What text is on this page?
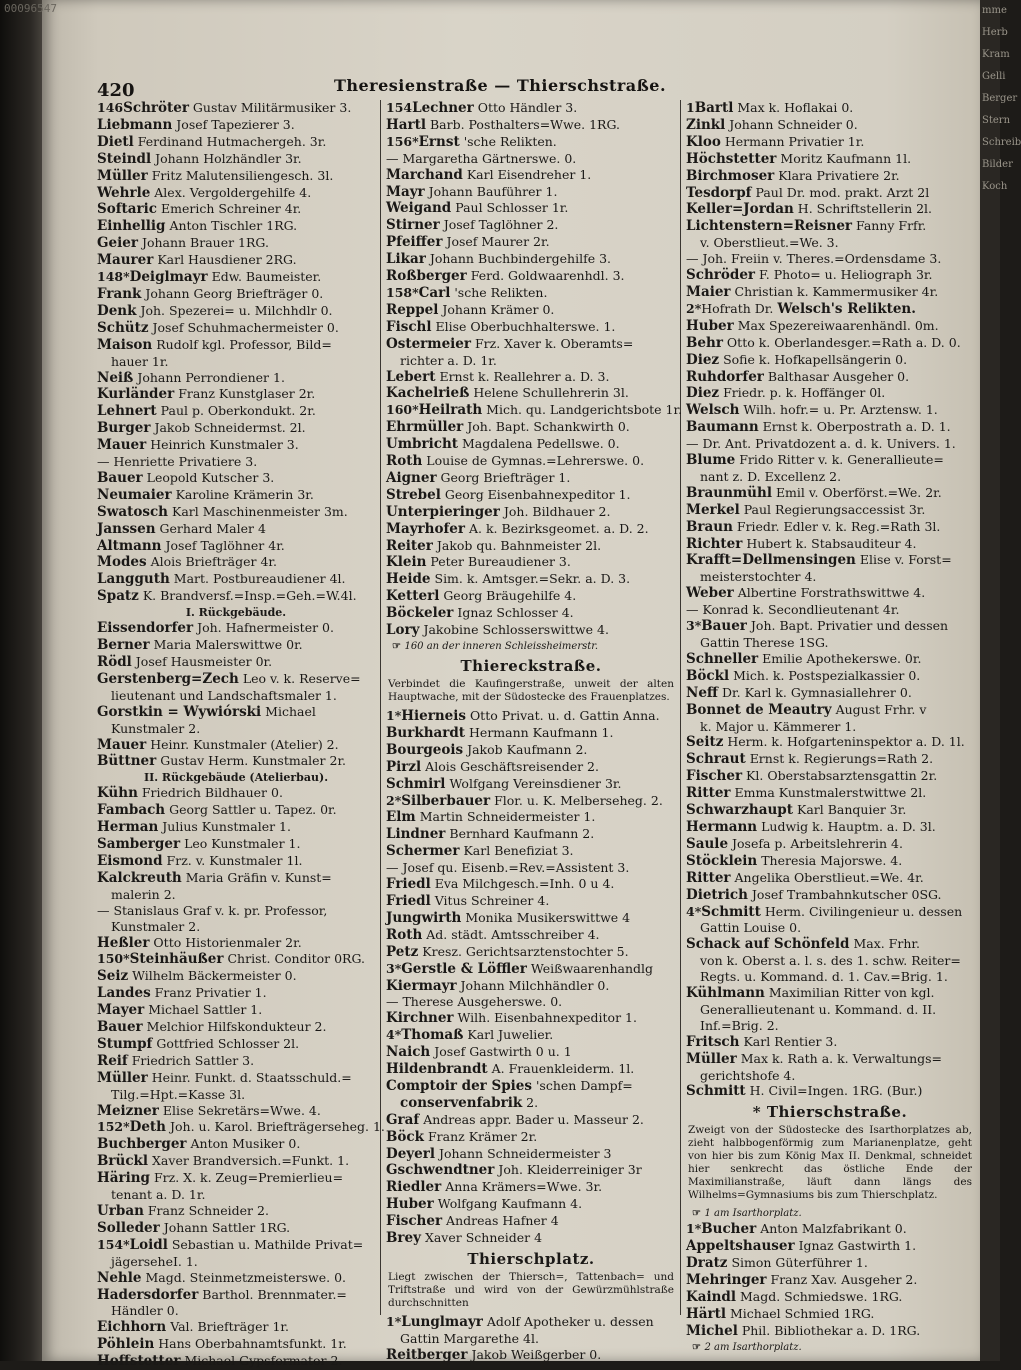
00096547	mme
Herb
Kram
Gelli
Berger
Stern
Schreib
Bilder
Koch
420	Theresienstraße — Thierschstraße.
146Schröter Gustav Militärmusiker 3.
Liebmann Josef Tapezierer 3.
Dietl Ferdinand Hutmachergeh. 3r.
Steindl Johann Holzhändler 3r.
Müller Fritz Malutensiliengesch. 3l.
Wehrle Alex. Vergoldergehilfe 4.
Softaric Emerich Schreiner 4r.
Einhellig Anton Tischler 1RG.
Geier Johann Brauer 1RG.
Maurer Karl Hausdiener 2RG.
148*Deiglmayr Edw. Baumeister.
Frank Johann Georg Briefträger 0.
Denk Joh. Spezerei= u. Milchhdlr 0.
Schütz Josef Schuhmachermeister 0.
Maison Rudolf kgl. Professor, Bild=
hauer 1r.
Neiß Johann Perrondiener 1.
Kurländer Franz Kunstglaser 2r.
Lehnert Paul p. Oberkondukt. 2r.
Burger Jakob Schneidermst. 2l.
Mauer Heinrich Kunstmaler 3.
— Henriette Privatiere 3.
Bauer Leopold Kutscher 3.
Neumaier Karoline Krämerin 3r.
Swatosch Karl Maschinenmeister 3m.
Janssen Gerhard Maler 4
Altmann Josef Taglöhner 4r.
Modes Alois Briefträger 4r.
Langguth Mart. Postbureaudiener 4l.
Spatz K. Brandversf.=Insp.=Geh.=W.4l.
I. Rückgebäude.
Eissendorfer Joh. Hafnermeister 0.
Berner Maria Malerswittwe 0r.
Rödl Josef Hausmeister 0r.
Gerstenberg=Zech Leo v. k. Reserve=
lieutenant und Landschaftsmaler 1.
Gorstkin = Wywiórski Michael
Kunstmaler 2.
Mauer Heinr. Kunstmaler (Atelier) 2.
Büttner Gustav Herm. Kunstmaler 2r.
II. Rückgebäude (Atelierbau).
Kühn Friedrich Bildhauer 0.
Fambach Georg Sattler u. Tapez. 0r.
Herman Julius Kunstmaler 1.
Samberger Leo Kunstmaler 1.
Eismond Frz. v. Kunstmaler 1l.
Kalckreuth Maria Gräfin v. Kunst=
malerin 2.
— Stanislaus Graf v. k. pr. Professor,
Kunstmaler 2.
Heßler Otto Historienmaler 2r.
150*Steinhäußer Christ. Conditor 0RG.
Seiz Wilhelm Bäckermeister 0.
Landes Franz Privatier 1.
Mayer Michael Sattler 1.
Bauer Melchior Hilfskondukteur 2.
Stumpf Gottfried Schlosser 2l.
Reif Friedrich Sattler 3.
Müller Heinr. Funkt. d. Staatsschuld.=
Tilg.=Hpt.=Kasse 3l.
Meizner Elise Sekretärs=Wwe. 4.
152*Deth Joh. u. Karol. Briefträgerseheg. 1.
Buchberger Anton Musiker 0.
Brückl Xaver Brandversich.=Funkt. 1.
Häring Frz. X. k. Zeug=Premierlieu=
tenant a. D. 1r.
Urban Franz Schneider 2.
Solleder Johann Sattler 1RG.
154*Loidl Sebastian u. Mathilde Privat=
jägerseheI. 1.
Nehle Magd. Steinmetzmeisterswe. 0.
Hadersdorfer Barthol. Brennmater.=
Händler 0.
Eichhorn Val. Briefträger 1r.
Pöhlein Hans Oberbahnamtsfunkt. 1r.
Hoffstetter Michael Gypsformator 2.
154Lechner Otto Händler 3.
Hartl Barb. Posthalters=Wwe. 1RG.
156*Ernst 'sche Relikten.
— Margaretha Gärtnerswe. 0.
Marchand Karl Eisendreher 1.
Mayr Johann Bauführer 1.
Weigand Paul Schlosser 1r.
Stirner Josef Taglöhner 2.
Pfeiffer Josef Maurer 2r.
Likar Johann Buchbindergehilfe 3.
Roßberger Ferd. Goldwaarenhdl. 3.
158*Carl 'sche Relikten.
Reppel Johann Krämer 0.
Fischl Elise Oberbuchhalterswe. 1.
Ostermeier Frz. Xaver k. Oberamts=
richter a. D. 1r.
Lebert Ernst k. Reallehrer a. D. 3.
Kachelrieß Helene Schullehrerin 3l.
160*Heilrath Mich. qu. Landgerichtsbote 1r.
Ehrmüller Joh. Bapt. Schankwirth 0.
Umbricht Magdalena Pedellswe. 0.
Roth Louise de Gymnas.=Lehrerswe. 0.
Aigner Georg Briefträger 1.
Strebel Georg Eisenbahnexpeditor 1.
Unterpieringer Joh. Bildhauer 2.
Mayrhofer A. k. Bezirksgeomet. a. D. 2.
Reiter Jakob qu. Bahnmeister 2l.
Klein Peter Bureaudiener 3.
Heide Sim. k. Amtsger.=Sekr. a. D. 3.
Ketterl Georg Bräugehilfe 4.
Böckeler Ignaz Schlosser 4.
Lory Jakobine Schlosserswittwe 4.
☞ 160 an der inneren Schleissheimerstr.
Thiereckstraße.
Verbindet die Kaufingerstraße, unweit der alten Hauptwache, mit der Südostecke des Frauenplatzes.
1*Hierneis Otto Privat. u. d. Gattin Anna.
Burkhardt Hermann Kaufmann 1.
Bourgeois Jakob Kaufmann 2.
Pirzl Alois Geschäftsreisender 2.
Schmirl Wolfgang Vereinsdiener 3r.
2*Silberbauer Flor. u. K. Melberseheg. 2.
Elm Martin Schneidermeister 1.
Lindner Bernhard Kaufmann 2.
Schermer Karl Benefiziat 3.
— Josef qu. Eisenb.=Rev.=Assistent 3.
Friedl Eva Milchgesch.=Inh. 0 u 4.
Friedl Vitus Schreiner 4.
Jungwirth Monika Musikerswittwe 4
Roth Ad. städt. Amtsschreiber 4.
Petz Kresz. Gerichtsarztenstochter 5.
3*Gerstle & Löffler Weißwaarenhandlg
Kiermayr Johann Milchhändler 0.
— Therese Ausgeherswe. 0.
Kirchner Wilh. Eisenbahnexpeditor 1.
4*Thomaß Karl Juwelier.
Naich Josef Gastwirth 0 u. 1
Hildenbrandt A. Frauenkleiderm. 1l.
Comptoir der Spies 'schen Dampf=
conservenfabrik 2.
Graf Andreas appr. Bader u. Masseur 2.
Böck Franz Krämer 2r.
Deyerl Johann Schneidermeister 3
Gschwendtner Joh. Kleiderreiniger 3r
Riedler Anna Krämers=Wwe. 3r.
Huber Wolfgang Kaufmann 4.
Fischer Andreas Hafner 4
Brey Xaver Schneider 4
Thierschplatz.
Liegt zwischen der Thiersch=, Tattenbach= und Triftstraße und wird von der Gewürzmühlstraße durchschnitten
1*Lunglmayr Adolf Apotheker u. dessen
Gattin Margarethe 4l.
Reitberger Jakob Weißgerber 0.
1Bartl Max k. Hoflakai 0.
Zinkl Johann Schneider 0.
Kloo Hermann Privatier 1r.
Höchstetter Moritz Kaufmann 1l.
Birchmoser Klara Privatiere 2r.
Tesdorpf Paul Dr. mod. prakt. Arzt 2l
Keller=Jordan H. Schriftstellerin 2l.
Lichtenstern=Reisner Fanny Frfr.
v. Oberstlieut.=We. 3.
— Joh. Freiin v. Theres.=Ordensdame 3.
Schröder F. Photo= u. Heliograph 3r.
Maier Christian k. Kammermusiker 4r.
2*Hofrath Dr. Welsch's Relikten.
Huber Max Spezereiwaarenhändl. 0m.
Behr Otto k. Oberlandesger.=Rath a. D. 0.
Diez Sofie k. Hofkapellsängerin 0.
Ruhdorfer Balthasar Ausgeher 0.
Diez Friedr. p. k. Hoffänger 0l.
Welsch Wilh. hofr.= u. Pr. Arztensw. 1.
Baumann Ernst k. Oberpostrath a. D. 1.
— Dr. Ant. Privatdozent a. d. k. Univers. 1.
Blume Frido Ritter v. k. Generallieute=
nant z. D. Excellenz 2.
Braunmühl Emil v. Oberförst.=We. 2r.
Merkel Paul Regierungsaccessist 3r.
Braun Friedr. Edler v. k. Reg.=Rath 3l.
Richter Hubert k. Stabsauditeur 4.
Krafft=Dellmensingen Elise v. Forst=
meisterstochter 4.
Weber Albertine Forstrathswittwe 4.
— Konrad k. Secondlieutenant 4r.
3*Bauer Joh. Bapt. Privatier und dessen
Gattin Therese 1SG.
Schneller Emilie Apothekerswe. 0r.
Böckl Mich. k. Postspezialkassier 0.
Neff Dr. Karl k. Gymnasiallehrer 0.
Bonnet de Meautry August Frhr. v
k. Major u. Kämmerer 1.
Seitz Herm. k. Hofgarteninspektor a. D. 1l.
Schraut Ernst k. Regierungs=Rath 2.
Fischer Kl. Oberstabsarztensgattin 2r.
Ritter Emma Kunstmalerstwittwe 2l.
Schwarzhaupt Karl Banquier 3r.
Hermann Ludwig k. Hauptm. a. D. 3l.
Saule Josefa p. Arbeitslehrerin 4.
Stöcklein Theresia Majorswe. 4.
Ritter Angelika Oberstlieut.=We. 4r.
Dietrich Josef Trambahnkutscher 0SG.
4*Schmitt Herm. Civilingenieur u. dessen
Gattin Louise 0.
Schack auf Schönfeld Max. Frhr.
von k. Oberst a. l. s. des 1. schw. Reiter=
Regts. u. Kommand. d. 1. Cav.=Brig. 1.
Kühlmann Maximilian Ritter von kgl.
Generallieutenant u. Kommand. d. II.
Inf.=Brig. 2.
Fritsch Karl Rentier 3.
Müller Max k. Rath a. k. Verwaltungs=
gerichtshofe 4.
Schmitt H. Civil=Ingen. 1RG. (Bur.)
* Thierschstraße.
Zweigt von der Südostecke des Isarthorplatzes ab, zieht halbbogenförmig zum Marianenplatze, geht von hier bis zum König Max II. Denkmal, schneidet hier senkrecht das östliche Ende der Maximilianstraße, läuft dann längs des Wilhelms=Gymnasiums bis zum Thierschplatz.
☞ 1 am Isarthorplatz.
1*Bucher Anton Malzfabrikant 0.
Appeltshauser Ignaz Gastwirth 1.
Dratz Simon Güterführer 1.
Mehringer Franz Xav. Ausgeher 2.
Kaindl Magd. Schmiedswe. 1RG.
Härtl Michael Schmied 1RG.
Michel Phil. Bibliothekar a. D. 1RG.
☞ 2 am Isarthorplatz.
